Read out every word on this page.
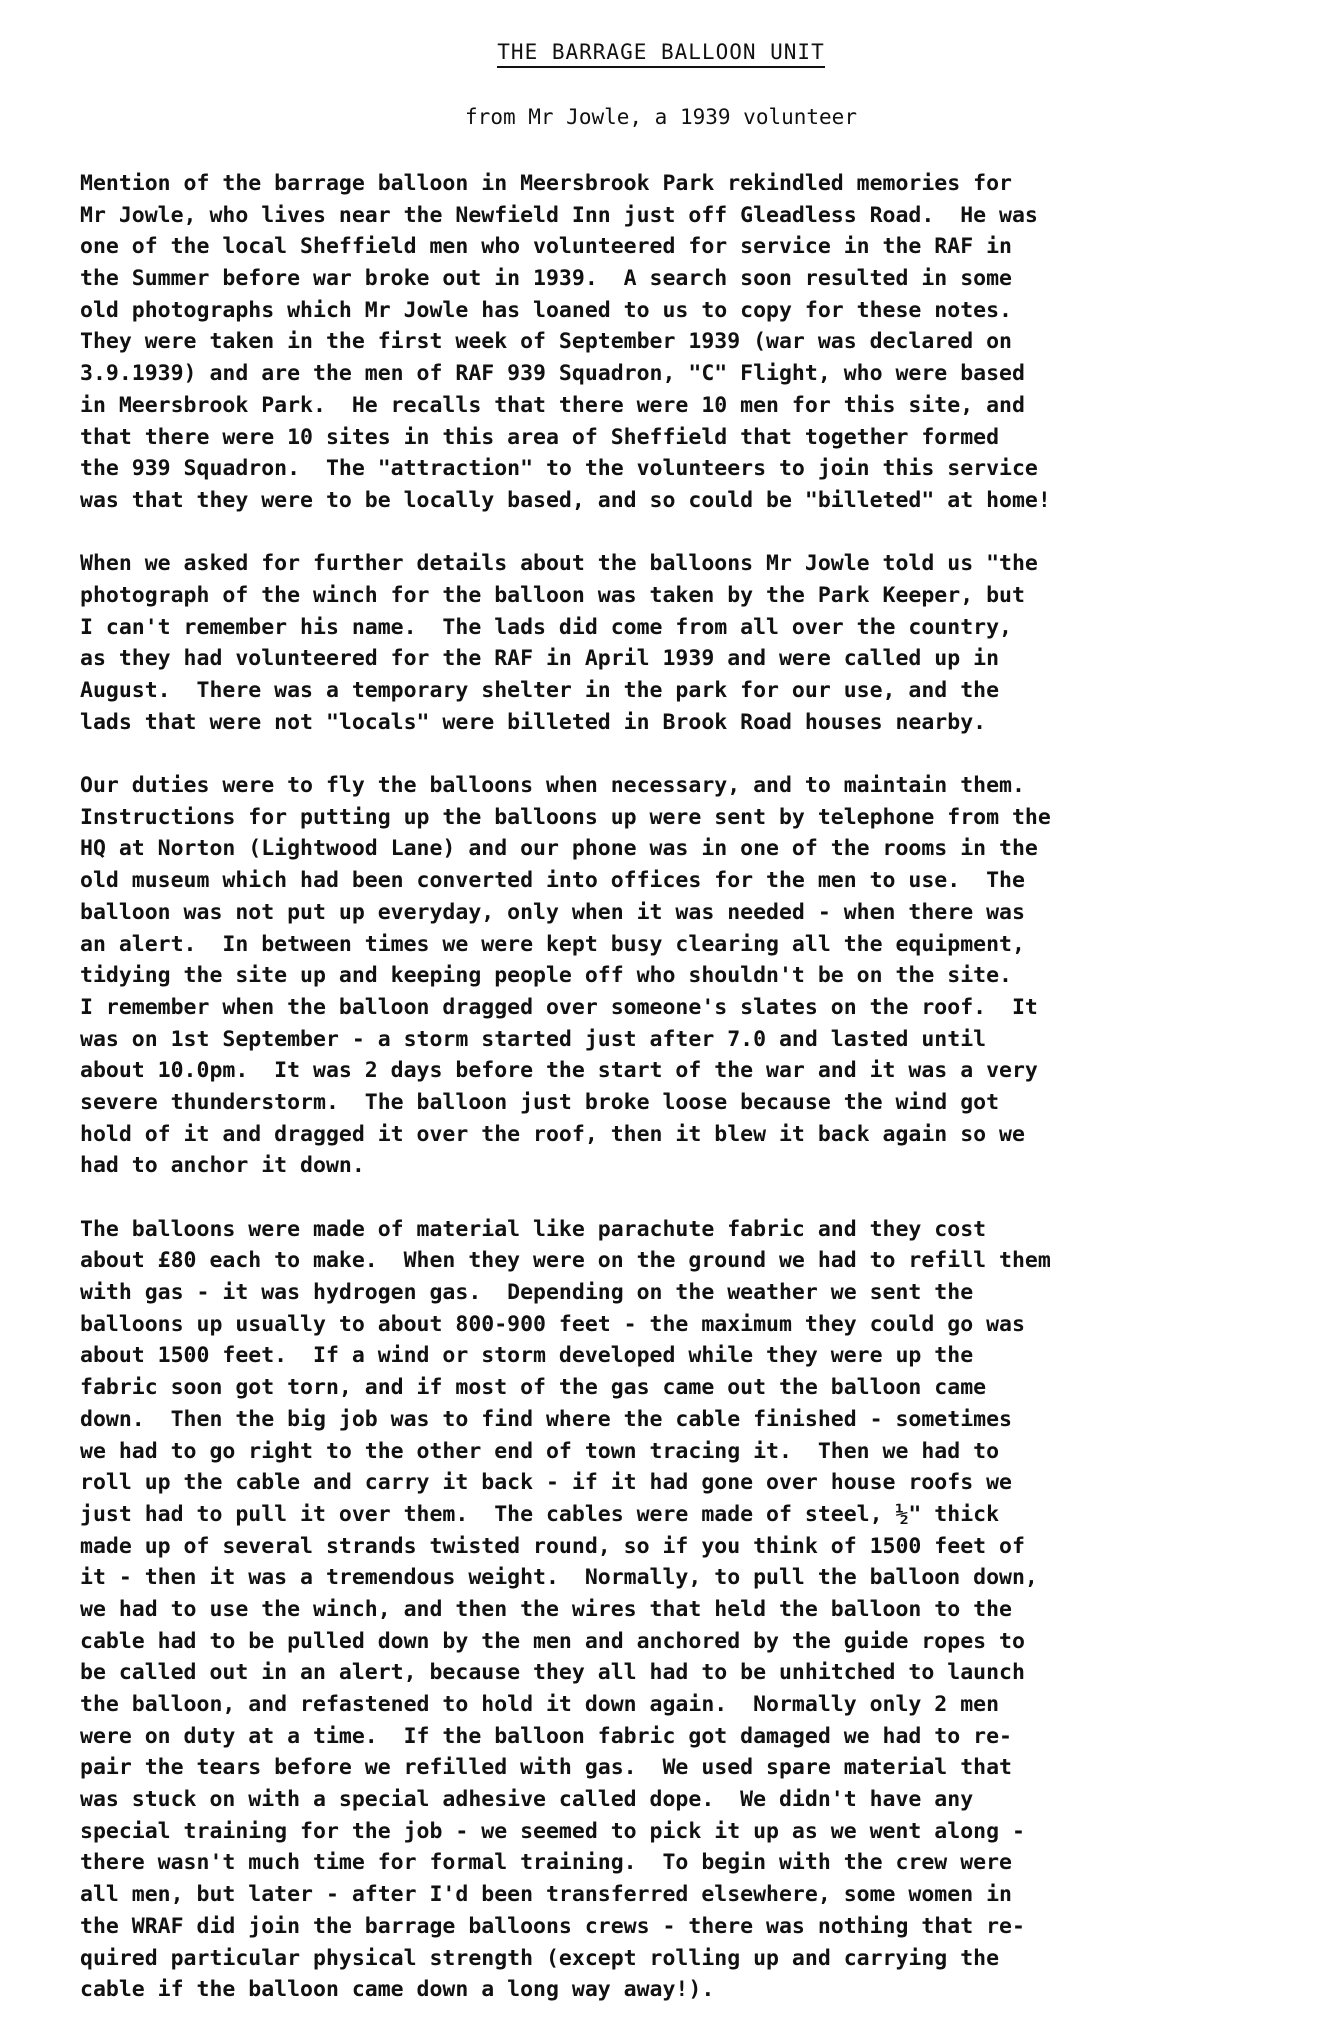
THE BARRAGE BALLOON UNIT
from Mr Jowle, a 1939 volunteer
Mention of the barrage balloon in Meersbrook Park rekindled memories for
Mr Jowle, who lives near the Newfield Inn just off Gleadless Road.  He was
one of the local Sheffield men who volunteered for service in the RAF in
the Summer before war broke out in 1939.  A search soon resulted in some
old photographs which Mr Jowle has loaned to us to copy for these notes.
They were taken in the first week of September 1939 (war was declared on
3.9.1939) and are the men of RAF 939 Squadron, "C" Flight, who were based
in Meersbrook Park.  He recalls that there were 10 men for this site, and
that there were 10 sites in this area of Sheffield that together formed
the 939 Squadron.  The "attraction" to the volunteers to join this service
was that they were to be locally based, and so could be "billeted" at home!
When we asked for further details about the balloons Mr Jowle told us "the
photograph of the winch for the balloon was taken by the Park Keeper, but
I can't remember his name.  The lads did come from all over the country,
as they had volunteered for the RAF in April 1939 and were called up in
August.  There was a temporary shelter in the park for our use, and the
lads that were not "locals" were billeted in Brook Road houses nearby.
Our duties were to fly the balloons when necessary, and to maintain them.
Instructions for putting up the balloons up were sent by telephone from the
HQ at Norton (Lightwood Lane) and our phone was in one of the rooms in the
old museum which had been converted into offices for the men to use.  The
balloon was not put up everyday, only when it was needed - when there was
an alert.  In between times we were kept busy clearing all the equipment,
tidying the site up and keeping people off who shouldn't be on the site.
I remember when the balloon dragged over someone's slates on the roof.  It
was on 1st September - a storm started just after 7.0 and lasted until
about 10.0pm.  It was 2 days before the start of the war and it was a very
severe thunderstorm.  The balloon just broke loose because the wind got
hold of it and dragged it over the roof, then it blew it back again so we
had to anchor it down.
The balloons were made of material like parachute fabric and they cost
about £80 each to make.  When they were on the ground we had to refill them
with gas - it was hydrogen gas.  Depending on the weather we sent the
balloons up usually to about 800-900 feet - the maximum they could go was
about 1500 feet.  If a wind or storm developed while they were up the
fabric soon got torn, and if most of the gas came out the balloon came
down.  Then the big job was to find where the cable finished - sometimes
we had to go right to the other end of town tracing it.  Then we had to
roll up the cable and carry it back - if it had gone over house roofs we
just had to pull it over them.  The cables were made of steel, ½" thick
made up of several strands twisted round, so if you think of 1500 feet of
it - then it was a tremendous weight.  Normally, to pull the balloon down,
we had to use the winch, and then the wires that held the balloon to the
cable had to be pulled down by the men and anchored by the guide ropes to
be called out in an alert, because they all had to be unhitched to launch
the balloon, and refastened to hold it down again.  Normally only 2 men
were on duty at a time.  If the balloon fabric got damaged we had to re-
pair the tears before we refilled with gas.  We used spare material that
was stuck on with a special adhesive called dope.  We didn't have any
special training for the job - we seemed to pick it up as we went along -
there wasn't much time for formal training.  To begin with the crew were
all men, but later - after I'd been transferred elsewhere, some women in
the WRAF did join the barrage balloons crews - there was nothing that re-
quired particular physical strength (except rolling up and carrying the
cable if the balloon came down a long way away!).
